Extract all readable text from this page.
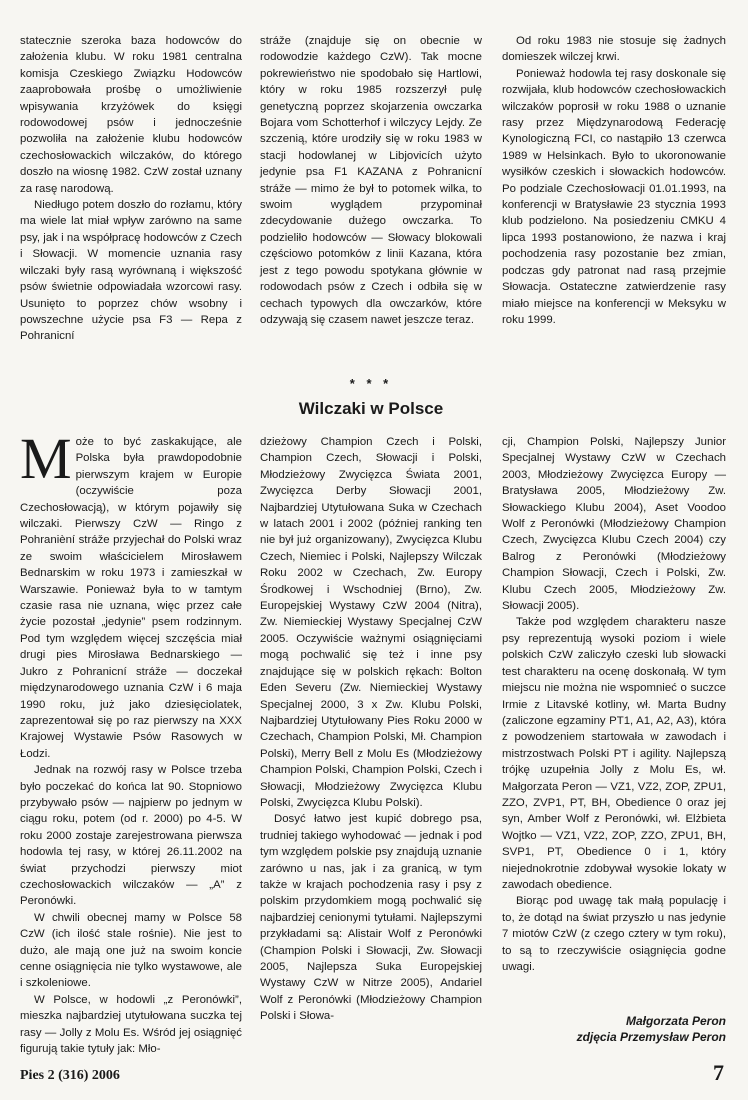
statecznie szeroka baza hodowców do założenia klubu. W roku 1981 centralna komisja Czeskiego Związku Hodowców zaaprobowała prośbę o umożliwienie wpisywania krzyżówek do księgi rodowodowej psów i jednocześnie pozwoliła na założenie klubu hodowców czechosłowackich wilczaków, do którego doszło na wiosnę 1982. CzW został uznany za rasę narodową.

Niedługo potem doszło do rozłamu, który ma wiele lat miał wpływ zarówno na same psy, jak i na współpracę hodowców z Czech i Słowacji. W momencie uznania rasy wilczaki były rasą wyrównaną i większość psów świetnie odpowiadała wzorcowi rasy. Usunięto to poprzez chów wsobny i powszechne użycie psa F3 — Repa z Pohranicní

stráže (znajduje się on obecnie w rodowodzie każdego CzW). Tak mocne pokrewieństwo nie spodobało się Hartlowi, który w roku 1985 rozszerzył pulę genetyczną poprzez skojarzenia owczarka Bojara vom Schotterhof i wilczycy Lejdy. Ze szczenią, które urodziły się w roku 1983 w stacji hodowlanej w Libjovicích użyto jedynie psa F1 KAZANA z Pohranicní stráže — mimo że był to potomek wilka, to swoim wyglądem przypominał zdecydowanie dużego owczarka. To podzieliło hodowców — Słowacy blokowali częściowo potomków z linii Kazana, która jest z tego powodu spotykana głównie w rodowodach psów z Czech i odbiła się w cechach typowych dla owczarków, które odzywają się czasem nawet jeszcze teraz.

Od roku 1983 nie stosuje się żadnych domieszek wilczej krwi.

Ponieważ hodowla tej rasy doskonale się rozwijała, klub hodowców czechosłowackich wilczaków poprosił w roku 1988 o uznanie rasy przez Międzynarodową Federację Kynologiczną FCI, co nastąpiło 13 czerwca 1989 w Helsinkach. Było to ukoronowanie wysiłków czeskich i słowackich hodowców. Po podziale Czechosłowacji 01.01.1993, na konferencji w Bratysławie 23 stycznia 1993 klub podzielono. Na posiedzeniu CMKU 4 lipca 1993 postanowiono, że nazwa i kraj pochodzenia rasy pozostanie bez zmian, podczas gdy patronat nad rasą przejmie Słowacja. Ostateczne zatwierdzenie rasy miało miejsce na konferencji w Meksyku w roku 1999.

* * *
Wilczaki w Polsce

Może to być zaskakujące, ale Polska była prawdopodobnie pierwszym krajem w Europie (oczywiście poza Czechosłowacją), w którym pojawiły się wilczaki. Pierwszy CzW — Ringo z Pohranièní stráže przyjechał do Polski wraz ze swoim właścicielem Mirosławem Bednarskim w roku 1973 i zamieszkał w Warszawie. Ponieważ była to w tamtym czasie rasa nie uznana, więc przez całe życie pozostał „jedynie” psem rodzinnym. Pod tym względem więcej szczęścia miał drugi pies Mirosława Bednarskiego — Jukro z Pohranicní stráže — doczekał międzynarodowego uznania CzW i 6 maja 1990 roku, już jako dziesięciolatek, zaprezentował się po raz pierwszy na XXX Krajowej Wystawie Psów Rasowych w Łodzi.

Jednak na rozwój rasy w Polsce trzeba było poczekać do końca lat 90. Stopniowo przybywało psów — najpierw po jednym w ciągu roku, potem (od r. 2000) po 4-5. W roku 2000 zostaje zarejestrowana pierwsza hodowla tej rasy, w której 26.11.2002 na świat przychodzi pierwszy miot czechosłowackich wilczaków — „A” z Peronówki.

W chwili obecnej mamy w Polsce 58 CzW (ich ilość stale rośnie). Nie jest to dużo, ale mają one już na swoim koncie cenne osiągnięcia nie tylko wystawowe, ale i szkoleniowe.

W Polsce, w hodowli „z Peronówki”, mieszka najbardziej utytułowana suczka tej rasy — Jolly z Molu Es. Wśród jej osiągnięć figurują takie tytuły jak: Mło-

dzieżowy Champion Czech i Polski, Champion Czech, Słowacji i Polski, Młodzieżowy Zwycięzca Świata 2001, Zwycięzca Derby Słowacji 2001, Najbardziej Utytułowana Suka w Czechach w latach 2001 i 2002 (później ranking ten nie był już organizowany), Zwycięzca Klubu Czech, Niemiec i Polski, Najlepszy Wilczak Roku 2002 w Czechach, Zw. Europy Środkowej i Wschodniej (Brno), Zw. Europejskiej Wystawy CzW 2004 (Nitra), Zw. Niemieckiej Wystawy Specjalnej CzW 2005. Oczywiście ważnymi osiągnięciami mogą pochwalić się też i inne psy znajdujące się w polskich rękach: Bolton Eden Severu (Zw. Niemieckiej Wystawy Specjalnej 2000, 3 x Zw. Klubu Polski, Najbardziej Utytułowany Pies Roku 2000 w Czechach, Champion Polski, Mł. Champion Polski), Merry Bell z Molu Es (Młodzieżowy Champion Polski, Champion Polski, Czech i Słowacji, Młodzieżowy Zwycięzca Klubu Polski, Zwycięzca Klubu Polski).

Dosyć łatwo jest kupić dobrego psa, trudniej takiego wyhodować — jednak i pod tym względem polskie psy znajdują uznanie zarówno u nas, jak i za granicą, w tym także w krajach pochodzenia rasy i psy z polskim przydomkiem mogą pochwalić się najbardziej cenionymi tytułami. Najlepszymi przykładami są: Alistair Wolf z Peronówki (Champion Polski i Słowacji, Zw. Słowacji 2005, Najlepsza Suka Europejskiej Wystawy CzW w Nitrze 2005), Andariel Wolf z Peronówki (Młodzieżowy Champion Polski i Słowa-

cji, Champion Polski, Najlepszy Junior Specjalnej Wystawy CzW w Czechach 2003, Młodzieżowy Zwycięzca Europy — Bratysława 2005, Młodzieżowy Zw. Słowackiego Klubu 2004), Aset Voodoo Wolf z Peronówki (Młodzieżowy Champion Czech, Zwycięzca Klubu Czech 2004) czy Balrog z Peronówki (Młodzieżowy Champion Słowacji, Czech i Polski, Zw. Klubu Czech 2005, Młodzieżowy Zw. Słowacji 2005).

Także pod względem charakteru nasze psy reprezentują wysoki poziom i wiele polskich CzW zaliczyło czeski lub słowacki test charakteru na ocenę doskonałą. W tym miejscu nie można nie wspomnieć o suczce Irmie z Litavské kotliny, wł. Marta Budny (zaliczone egzaminy PT1, A1, A2, A3), która z powodzeniem startowała w zawodach i mistrzostwach Polski PT i agility. Najlepszą trójkę uzupełnia Jolly z Molu Es, wł. Małgorzata Peron — VZ1, VZ2, ZOP, ZPU1, ZZO, ZVP1, PT, BH, Obedience 0 oraz jej syn, Amber Wolf z Peronówki, wł. Elżbieta Wojtko — VZ1, VZ2, ZOP, ZZO, ZPU1, BH, SVP1, PT, Obedience 0 i 1, który niejednokrotnie zdobywał wysokie lokaty w zawodach obedience.

Biorąc pod uwagę tak małą populację i to, że dotąd na świat przyszło u nas jedynie 7 miotów CzW (z czego cztery w tym roku), to są to rzeczywiście osiągnięcia godne uwagi.

Małgorzata Peron
zdjęcia Przemysław Peron
Pies 2 (316) 2006	7
